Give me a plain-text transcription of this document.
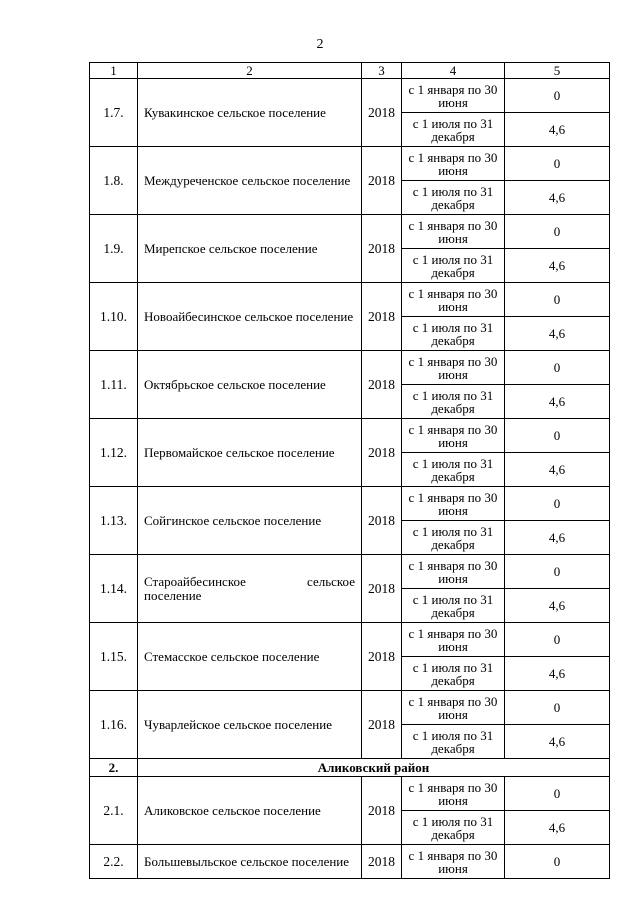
2
1	2	3	4	5
1.7.	Кувакинское сельское поселение	2018	с 1 января по 30 июня	0
			с 1 июля по 31 декабря	4,6
1.8.	Междуреченское сельское поселение	2018	с 1 января по 30 июня	0
			с 1 июля по 31 декабря	4,6
1.9.	Мирепское сельское поселение	2018	с 1 января по 30 июня	0
			с 1 июля по 31 декабря	4,6
1.10.	Новоайбесинское сельское поселение	2018	с 1 января по 30 июня	0
			с 1 июля по 31 декабря	4,6
1.11.	Октябрьское сельское поселение	2018	с 1 января по 30 июня	0
			с 1 июля по 31 декабря	4,6
1.12.	Первомайское сельское поселение	2018	с 1 января по 30 июня	0
			с 1 июля по 31 декабря	4,6
1.13.	Сойгинское сельское поселение	2018	с 1 января по 30 июня	0
			с 1 июля по 31 декабря	4,6
1.14.	Староайбесинское сельское поселение	2018	с 1 января по 30 июня	0
			с 1 июля по 31 декабря	4,6
1.15.	Стемасское сельское поселение	2018	с 1 января по 30 июня	0
			с 1 июля по 31 декабря	4,6
1.16.	Чуварлейское сельское поселение	2018	с 1 января по 30 июня	0
			с 1 июля по 31 декабря	4,6
2.	Аликовский район			
2.1.	Аликовское сельское поселение	2018	с 1 января по 30 июня	0
			с 1 июля по 31 декабря	4,6
2.2.	Большевыльское сельское поселение	2018	с 1 января по 30 июня	0
